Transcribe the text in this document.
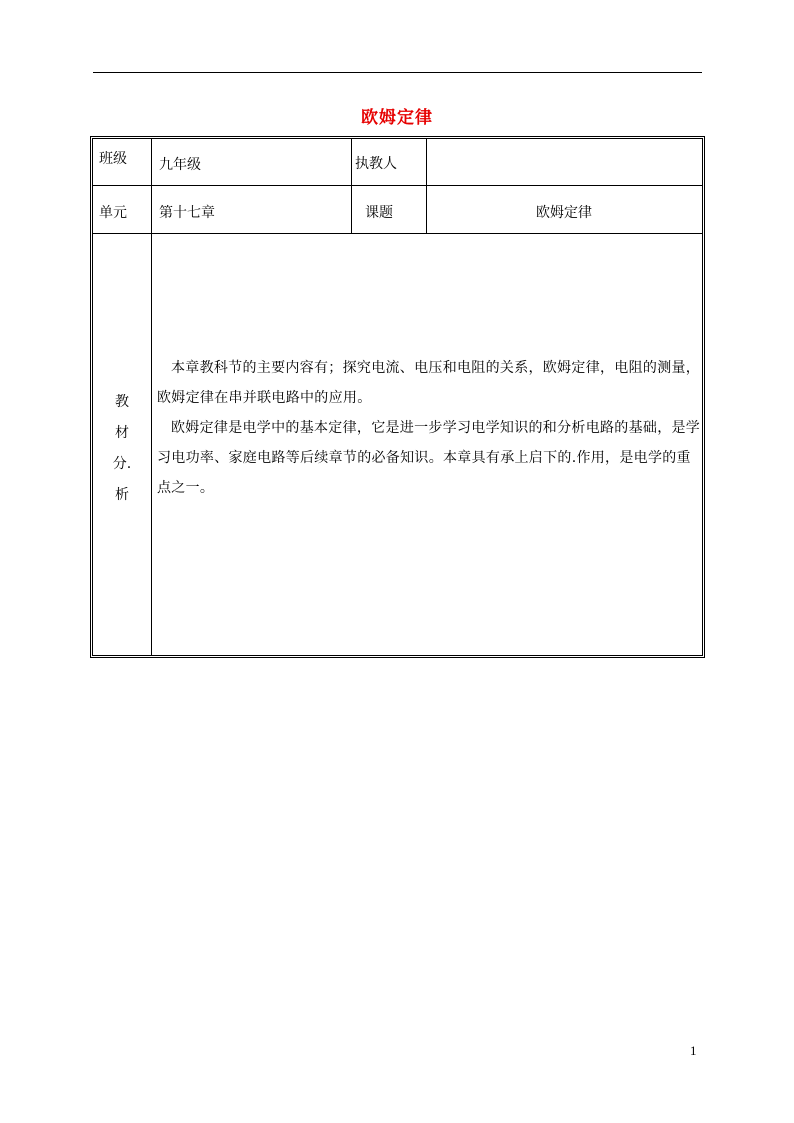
欧姆定律
班级 九年级	执教人
单元 第十七章	课题	欧姆定律
教
材
分.
析

本章教科节的主要内容有；探究电流、电压和电阻的关系，欧姆定律，电阻的测量，欧姆定律在串并联电路中的应用。

欧姆定律是电学中的基本定律，它是进一步学习电学知识的和分析电路的基础，是学习电功率、家庭电路等后续章节的必备知识。本章具有承上启下的.作用，是电学的重点之一。

1
